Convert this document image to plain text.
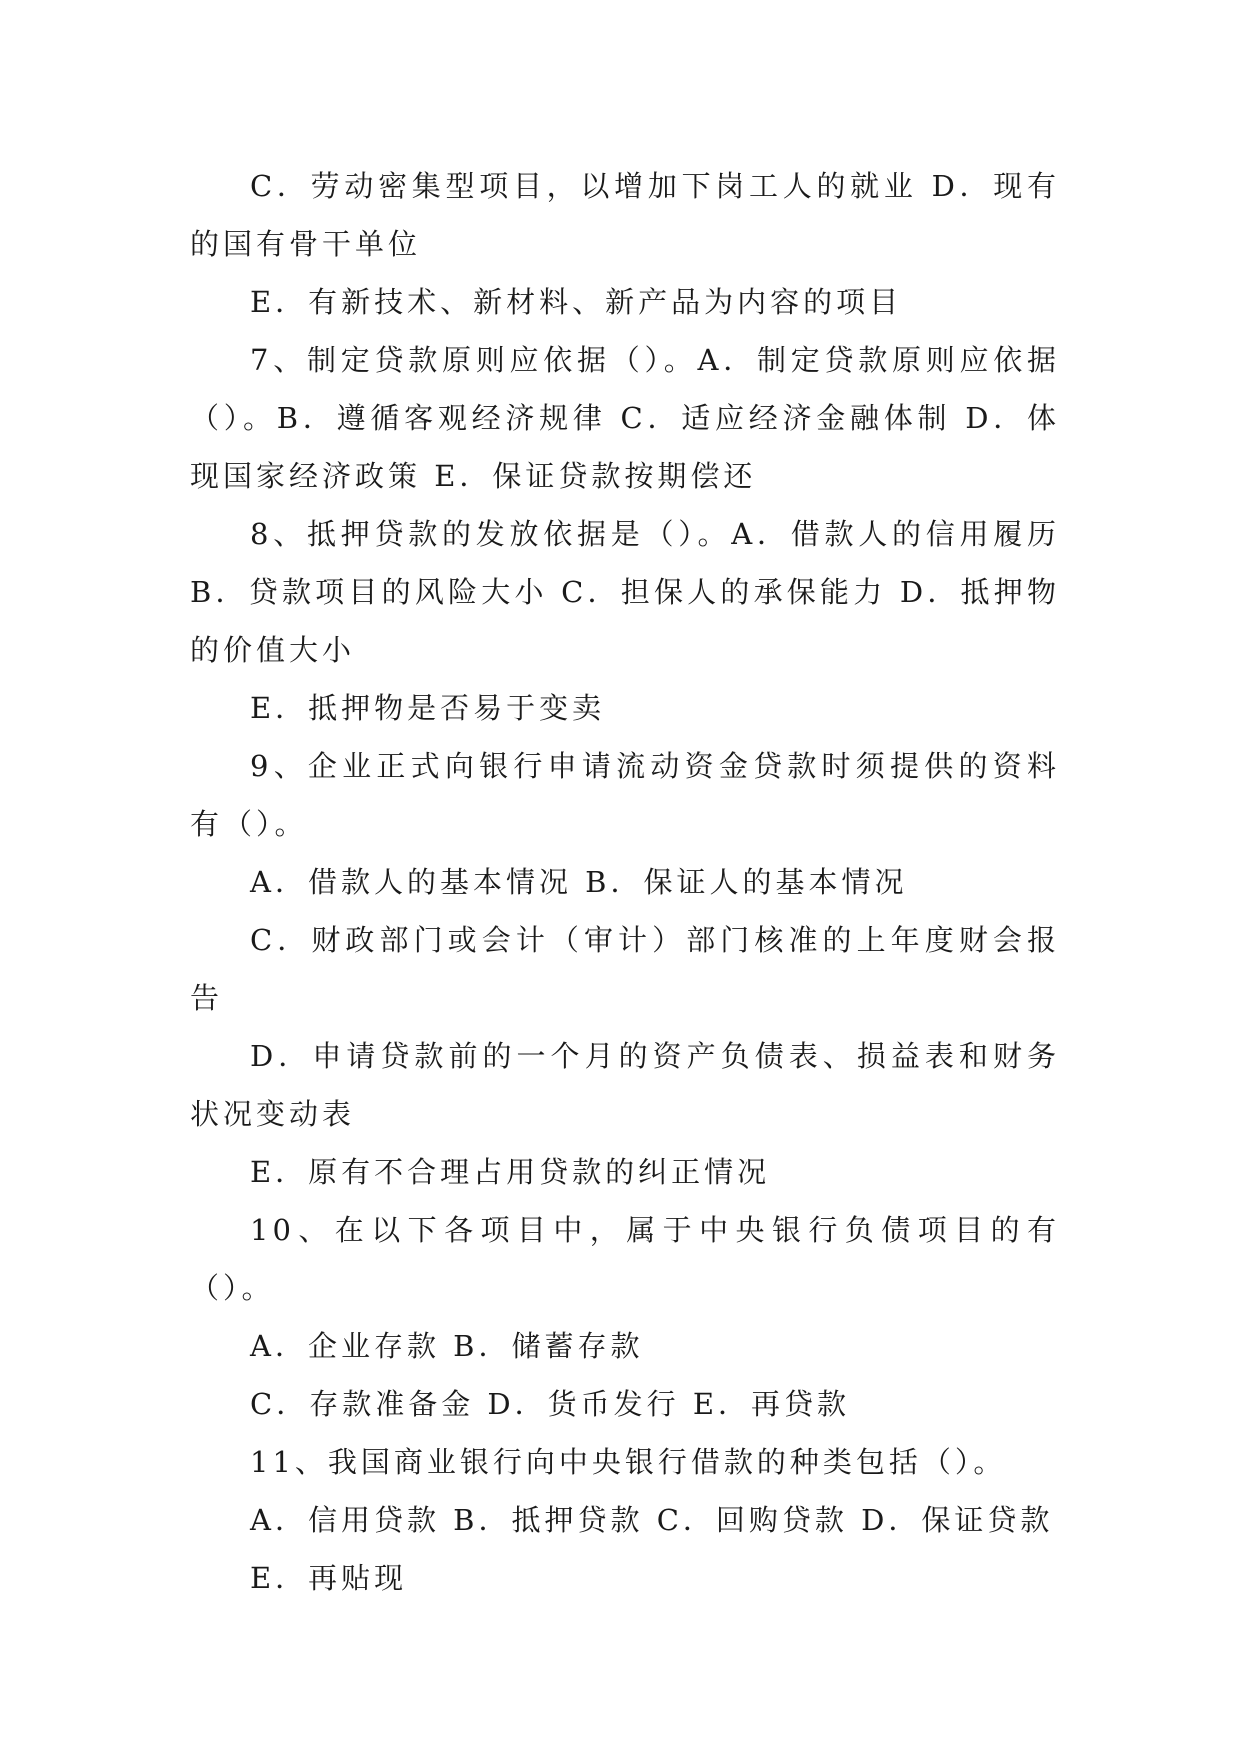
C．劳动密集型项目，以增加下岗工人的就业 D．现有的国有骨干单位

E．有新技术、新材料、新产品为内容的项目

7、制定贷款原则应依据（）。A．制定贷款原则应依据（）。B．遵循客观经济规律 C．适应经济金融体制 D．体现国家经济政策 E．保证贷款按期偿还

8、抵押贷款的发放依据是（）。A．借款人的信用履历 B．贷款项目的风险大小 C．担保人的承保能力 D．抵押物的价值大小

E．抵押物是否易于变卖

9、企业正式向银行申请流动资金贷款时须提供的资料有（）。

A．借款人的基本情况 B．保证人的基本情况

C．财政部门或会计（审计）部门核准的上年度财会报告

D．申请贷款前的一个月的资产负债表、损益表和财务状况变动表

E．原有不合理占用贷款的纠正情况

10、在以下各项目中，属于中央银行负债项目的有（）。

A．企业存款 B．储蓄存款

C．存款准备金 D．货币发行 E．再贷款

11、我国商业银行向中央银行借款的种类包括（）。

A．信用贷款 B．抵押贷款 C．回购贷款 D．保证贷款

E．再贴现
